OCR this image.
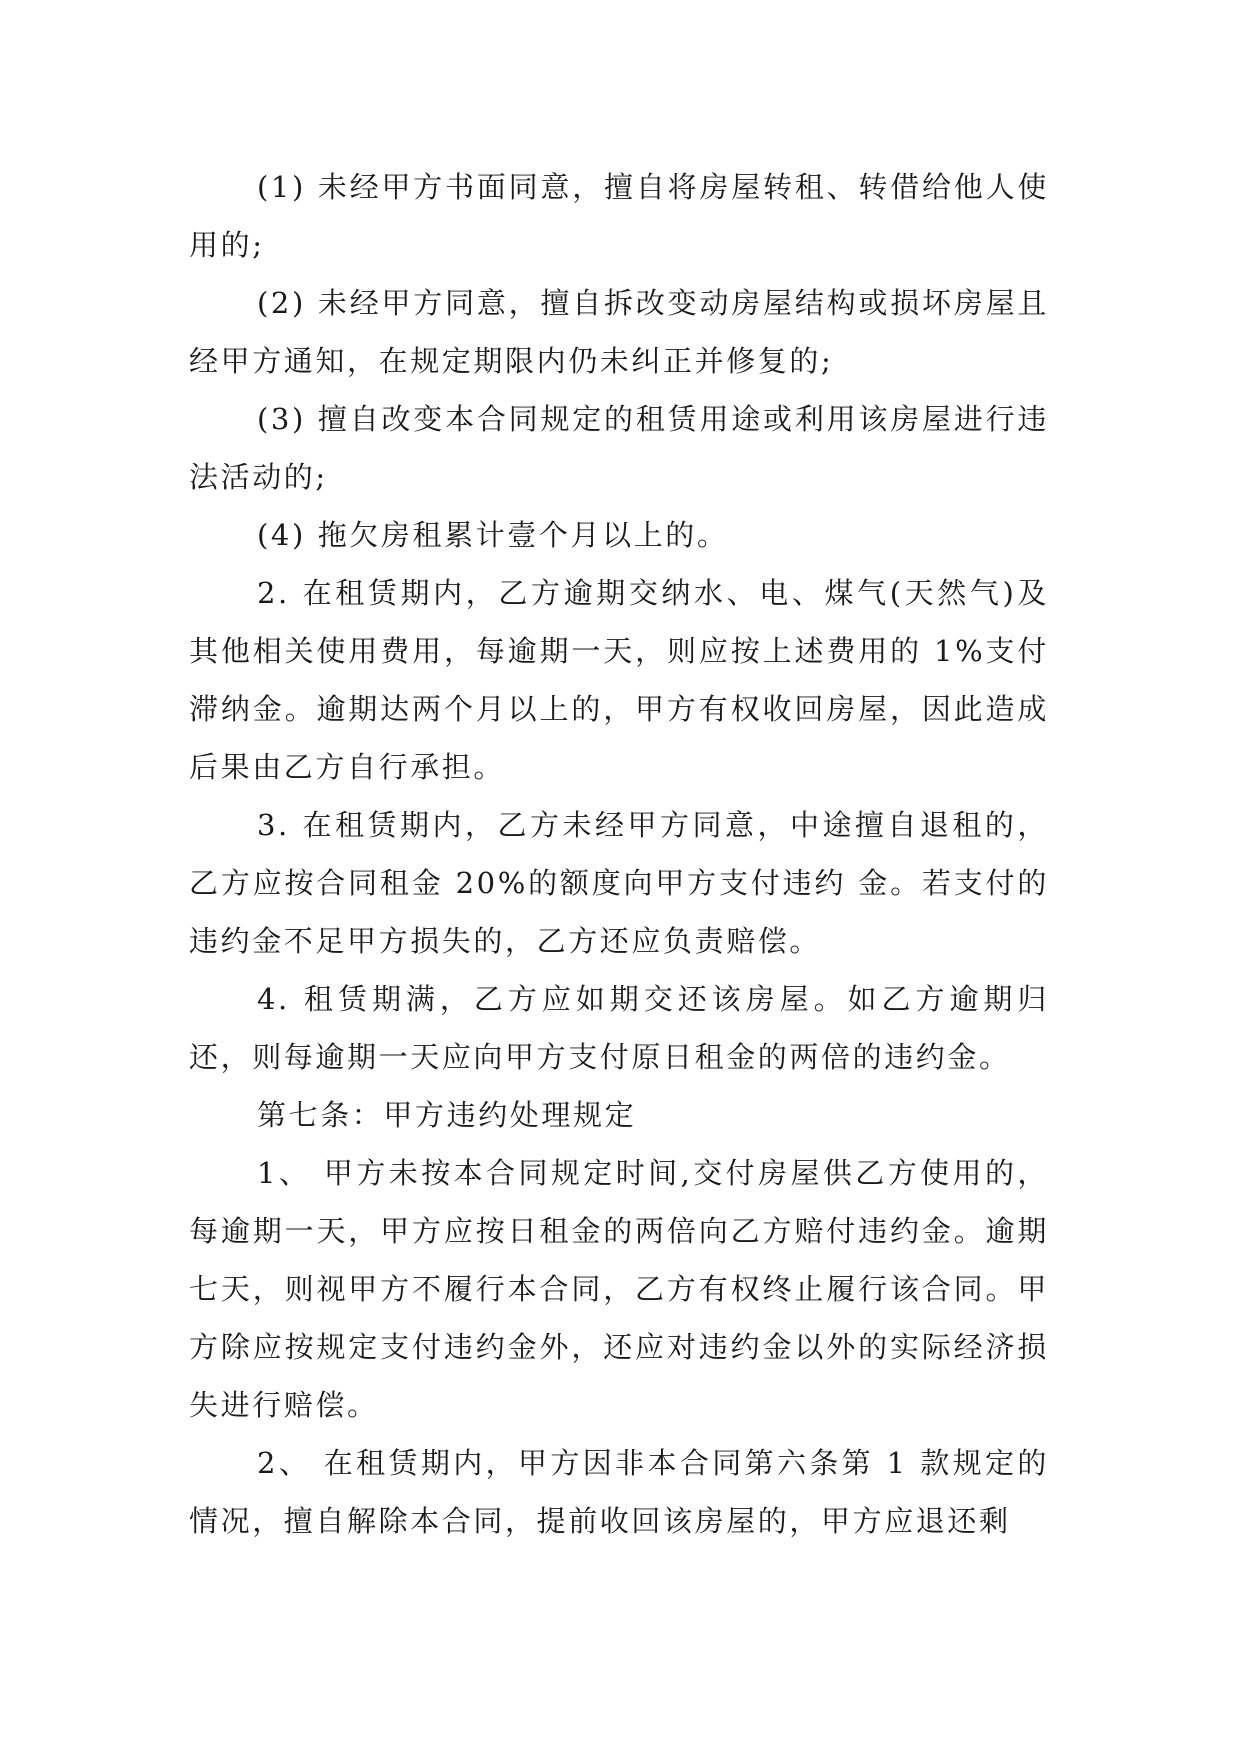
(1) 未经甲方书面同意，擅自将房屋转租、转借给他人使用的;

(2) 未经甲方同意，擅自拆改变动房屋结构或损坏房屋且经甲方通知，在规定期限内仍未纠正并修复的;

(3) 擅自改变本合同规定的租赁用途或利用该房屋进行违法活动的;

(4) 拖欠房租累计壹个月以上的。

2. 在租赁期内，乙方逾期交纳水、电、煤气(天然气)及其他相关使用费用，每逾期一天，则应按上述费用的 1%支付滞纳金。逾期达两个月以上的，甲方有权收回房屋，因此造成后果由乙方自行承担。

3. 在租赁期内，乙方未经甲方同意，中途擅自退租的，乙方应按合同租金 20%的额度向甲方支付违约 金。若支付的违约金不足甲方损失的，乙方还应负责赔偿。

4. 租赁期满，乙方应如期交还该房屋。如乙方逾期归还，则每逾期一天应向甲方支付原日租金的两倍的违约金。

第七条：甲方违约处理规定

1、 甲方未按本合同规定时间,交付房屋供乙方使用的，每逾期一天，甲方应按日租金的两倍向乙方赔付违约金。逾期七天，则视甲方不履行本合同，乙方有权终止履行该合同。甲方除应按规定支付违约金外，还应对违约金以外的实际经济损失进行赔偿。

2、 在租赁期内，甲方因非本合同第六条第 1 款规定的情况，擅自解除本合同，提前收回该房屋的，甲方应退还剩
